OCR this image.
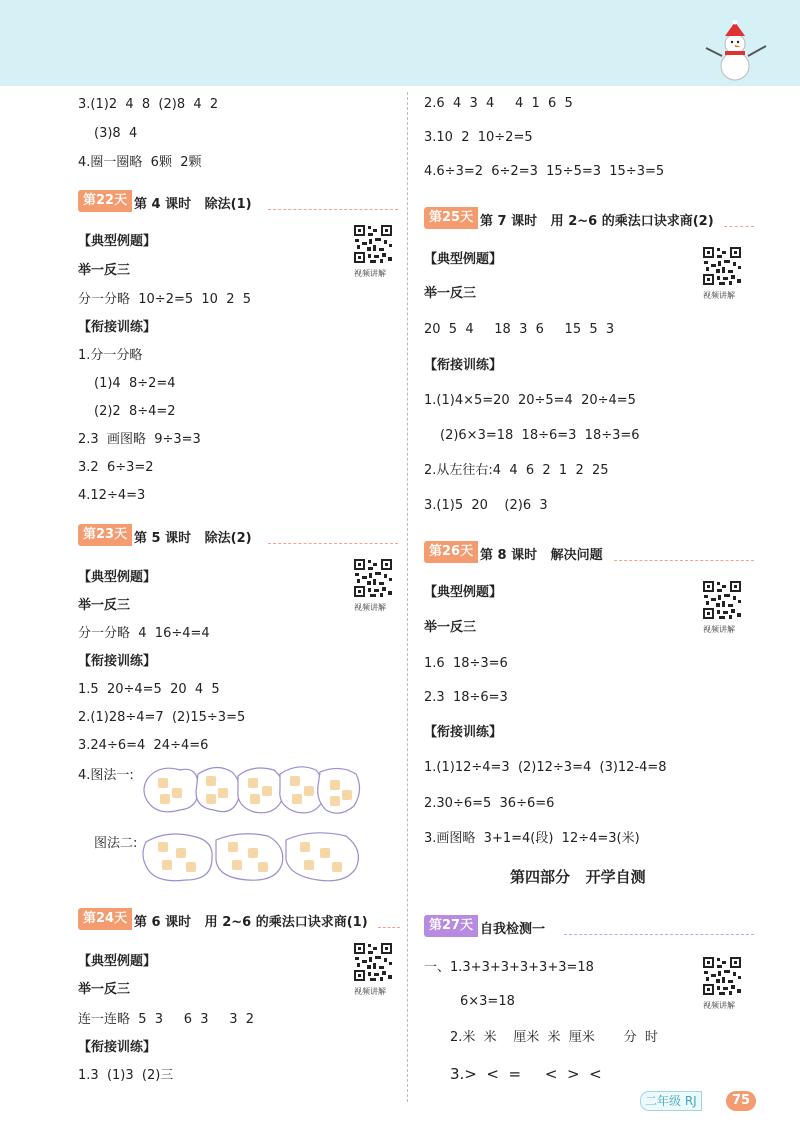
3.(1)2  4  8  (2)8  4  2
(3)8  4
4.圈一圈略  6颗  2颗
第22天 第 4 课时   除法(1)
【典型例题】
视频讲解
举一反三
分一分略  10÷2=5  10  2  5
【衔接训练】
1.分一分略
(1)4  8÷2=4
(2)2  8÷4=2
2.3  画图略  9÷3=3
3.2  6÷3=2
4.12÷4=3
第23天 第 5 课时   除法(2)
【典型例题】
视频讲解
举一反三
分一分略  4  16÷4=4
【衔接训练】
1.5  20÷4=5  20  4  5
2.(1)28÷4=7  (2)15÷3=5
3.24÷6=4  24÷4=6
4.图法一:
图法二:
第24天 第 6 课时   用 2~6 的乘法口诀求商(1)
【典型例题】
视频讲解
举一反三
连一连略  5  3     6  3     3  2
【衔接训练】
1.3  (1)3  (2)三
2.6  4  3  4     4  1  6  5
3.10  2  10÷2=5
4.6÷3=2  6÷2=3  15÷5=3  15÷3=5
第25天 第 7 课时   用 2~6 的乘法口诀求商(2)
【典型例题】
视频讲解
举一反三
20  5  4     18  3  6     15  5  3
【衔接训练】
1.(1)4×5=20  20÷5=4  20÷4=5
(2)6×3=18  18÷6=3  18÷3=6
2.从左往右:4  4  6  2  1  2  25
3.(1)5  20    (2)6  3
第26天 第 8 课时   解决问题
【典型例题】
视频讲解
举一反三
1.6  18÷3=6
2.3  18÷6=3
【衔接训练】
1.(1)12÷4=3  (2)12÷3=4  (3)12-4=8
2.30÷6=5  36÷6=6
3.画图略  3+1=4(段)  12÷4=3(米)
第四部分   开学自测
第27天 自我检测一
一、1.3+3+3+3+3+3=18
视频讲解
6×3=18
2.米  米    厘米  米  厘米       分  时
3.>  <  =     <  >  <
二年级 RJ	75
